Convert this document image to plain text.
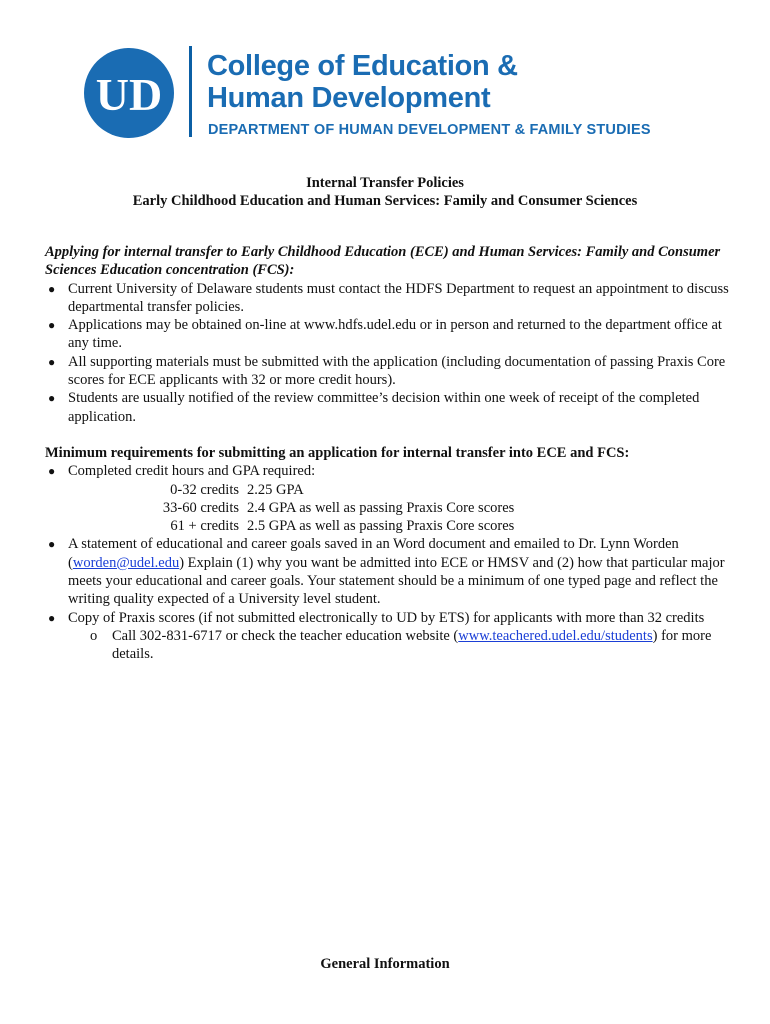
UD
College of Education &
Human Development
DEPARTMENT OF HUMAN DEVELOPMENT & FAMILY STUDIES
Internal Transfer Policies
Early Childhood Education and Human Services: Family and Consumer Sciences

Applying for internal transfer to Early Childhood Education (ECE) and Human Services: Family and Consumer Sciences Education concentration (FCS):

● Current University of Delaware students must contact the HDFS Department to request an appointment to discuss departmental transfer policies.
● Applications may be obtained on-line at www.hdfs.udel.edu or in person and returned to the department office at any time.
● All supporting materials must be submitted with the application (including documentation of passing Praxis Core scores for ECE applicants with 32 or more credit hours).
● Students are usually notified of the review committee’s decision within one week of receipt of the completed application.

Minimum requirements for submitting an application for internal transfer into ECE and FCS:

● Completed credit hours and GPA required:
0-32 credits 2.25 GPA
33-60 credits 2.4 GPA as well as passing Praxis Core scores
61 + credits 2.5 GPA as well as passing Praxis Core scores
● A statement of educational and career goals saved in an Word document and emailed to Dr. Lynn Worden (worden@udel.edu) Explain (1) why you want be admitted into ECE or HMSV and (2) how that particular major meets your educational and career goals. Your statement should be a minimum of one typed page and reflect the writing quality expected of a University level student.
● Copy of Praxis scores (if not submitted electronically to UD by ETS) for applicants with more than 32 credits
o Call 302-831-6717 or check the teacher education website (www.teachered.udel.edu/students) for more details.
General Information
